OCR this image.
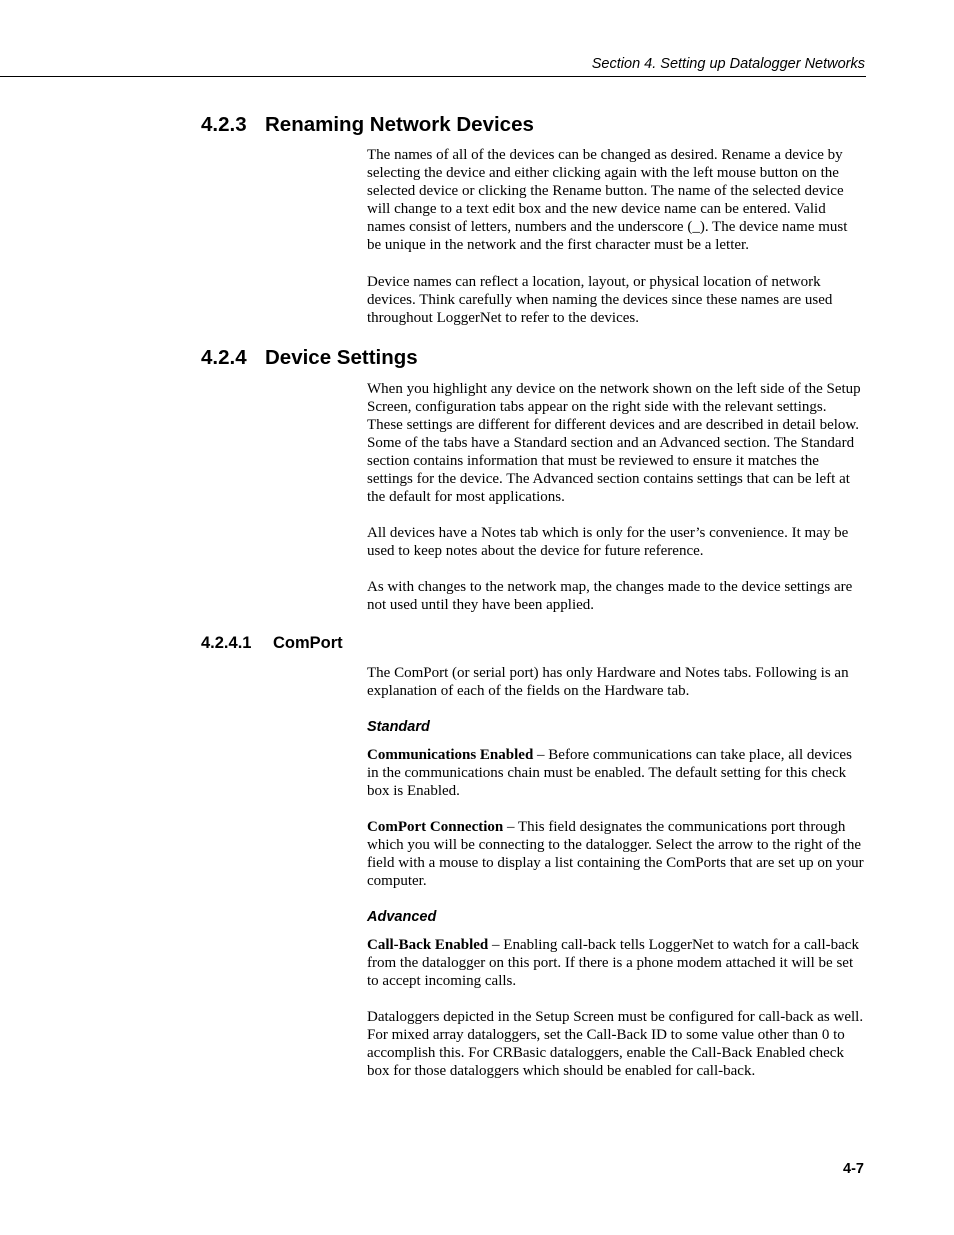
Section 4. Setting up Datalogger Networks
4.2.3 Renaming Network Devices

The names of all of the devices can be changed as desired. Rename a device by selecting the device and either clicking again with the left mouse button on the selected device or clicking the Rename button. The name of the selected device will change to a text edit box and the new device name can be entered. Valid names consist of letters, numbers and the underscore (_). The device name must be unique in the network and the first character must be a letter.

Device names can reflect a location, layout, or physical location of network devices. Think carefully when naming the devices since these names are used throughout LoggerNet to refer to the devices.

4.2.4 Device Settings

When you highlight any device on the network shown on the left side of the Setup Screen, configuration tabs appear on the right side with the relevant settings. These settings are different for different devices and are described in detail below. Some of the tabs have a Standard section and an Advanced section. The Standard section contains information that must be reviewed to ensure it matches the settings for the device. The Advanced section contains settings that can be left at the default for most applications.

All devices have a Notes tab which is only for the user’s convenience. It may be used to keep notes about the device for future reference.

As with changes to the network map, the changes made to the device settings are not used until they have been applied.

4.2.4.1 ComPort

The ComPort (or serial port) has only Hardware and Notes tabs. Following is an explanation of each of the fields on the Hardware tab.

Standard

Communications Enabled – Before communications can take place, all devices in the communications chain must be enabled. The default setting for this check box is Enabled.

ComPort Connection – This field designates the communications port through which you will be connecting to the datalogger. Select the arrow to the right of the field with a mouse to display a list containing the ComPorts that are set up on your computer.

Advanced

Call-Back Enabled – Enabling call-back tells LoggerNet to watch for a call-back from the datalogger on this port. If there is a phone modem attached it will be set to accept incoming calls.

Dataloggers depicted in the Setup Screen must be configured for call-back as well. For mixed array dataloggers, set the Call-Back ID to some value other than 0 to accomplish this. For CRBasic dataloggers, enable the Call-Back Enabled check box for those dataloggers which should be enabled for call-back.

4-7
